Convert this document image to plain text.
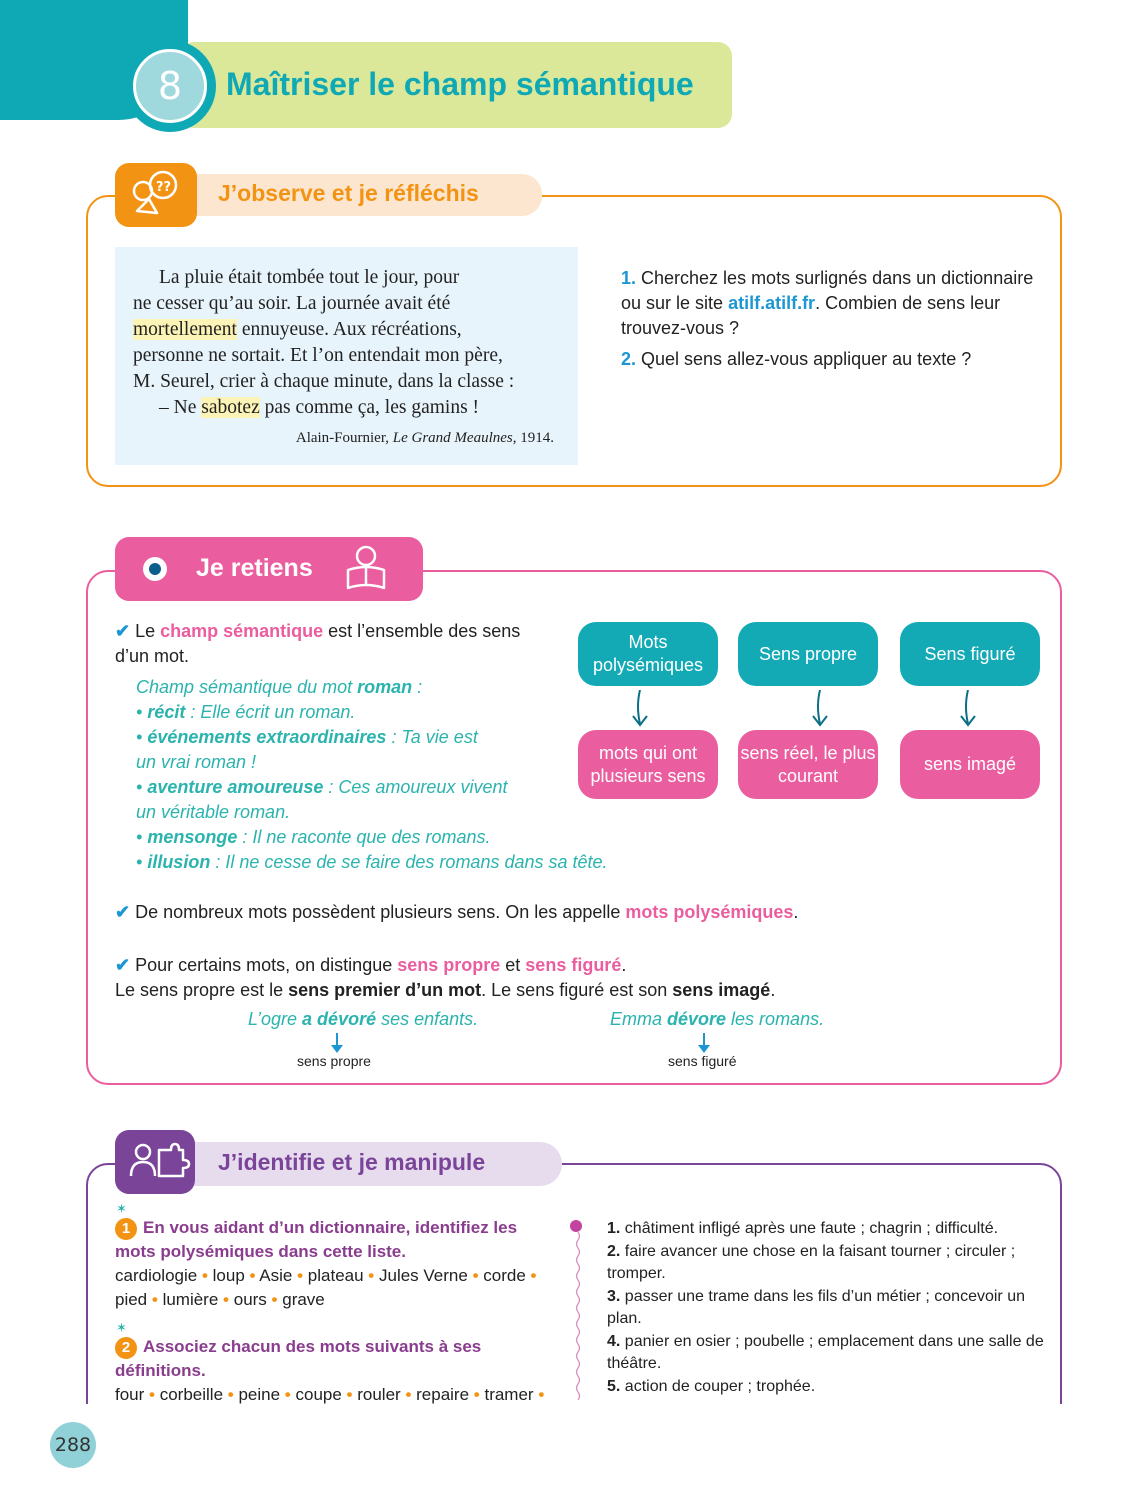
8	Maîtriser le champ sémantique
?? J’observe et je réfléchis
La pluie était tombée tout le jour, pour
ne cesser qu’au soir. La journée avait été
mortellement ennuyeuse. Aux récréations,
personne ne sortait. Et l’on entendait mon père,
M. Seurel, crier à chaque minute, dans la classe :
– Ne sabotez pas comme ça, les gamins !
Alain-Fournier, Le Grand Meaulnes, 1914.

1. Cherchez les mots surlignés dans un dictionnaire ou sur le site atilf.atilf.fr. Combien de sens leur trouvez-vous ?

2. Quel sens allez-vous appliquer au texte ?

Je retiens
✔ Le champ sémantique est l’ensemble des sens d’un mot.
Champ sémantique du mot roman :
• récit : Elle écrit un roman.
• événements extraordinaires : Ta vie est un vrai roman !
• aventure amoureuse : Ces amoureux vivent un véritable roman.
• mensonge : Il ne raconte que des romans.
• illusion : Il ne cesse de se faire des romans dans sa tête.
Mots polysémiques
Sens propre	Sens figuré
mots qui ont plusieurs sens
sens réel, le plus courant
sens imagé
✔ De nombreux mots possèdent plusieurs sens. On les appelle mots polysémiques.
✔ Pour certains mots, on distingue sens propre et sens figuré.
Le sens propre est le sens premier d’un mot. Le sens figuré est son sens imagé.
L’ogre a dévoré ses enfants.
sens propre
Emma dévore les romans.
sens figuré
J’identifie et je manipule
✶
1 En vous aidant d’un dictionnaire, identifiez les mots polysémiques dans cette liste.
cardiologie • loup • Asie • plateau • Jules Verne • corde • pied • lumière • ours • grave
✶
2 Associez chacun des mots suivants à ses définitions.
four • corbeille • peine • coupe • rouler • repaire • tramer •
1. châtiment infligé après une faute ; chagrin ; difficulté.
2. faire avancer une chose en la faisant tourner ; circuler ; tromper.
3. passer une trame dans les fils d’un métier ; concevoir un plan.
4. panier en osier ; poubelle ; emplacement dans une salle de théâtre.
5. action de couper ; trophée.
288
